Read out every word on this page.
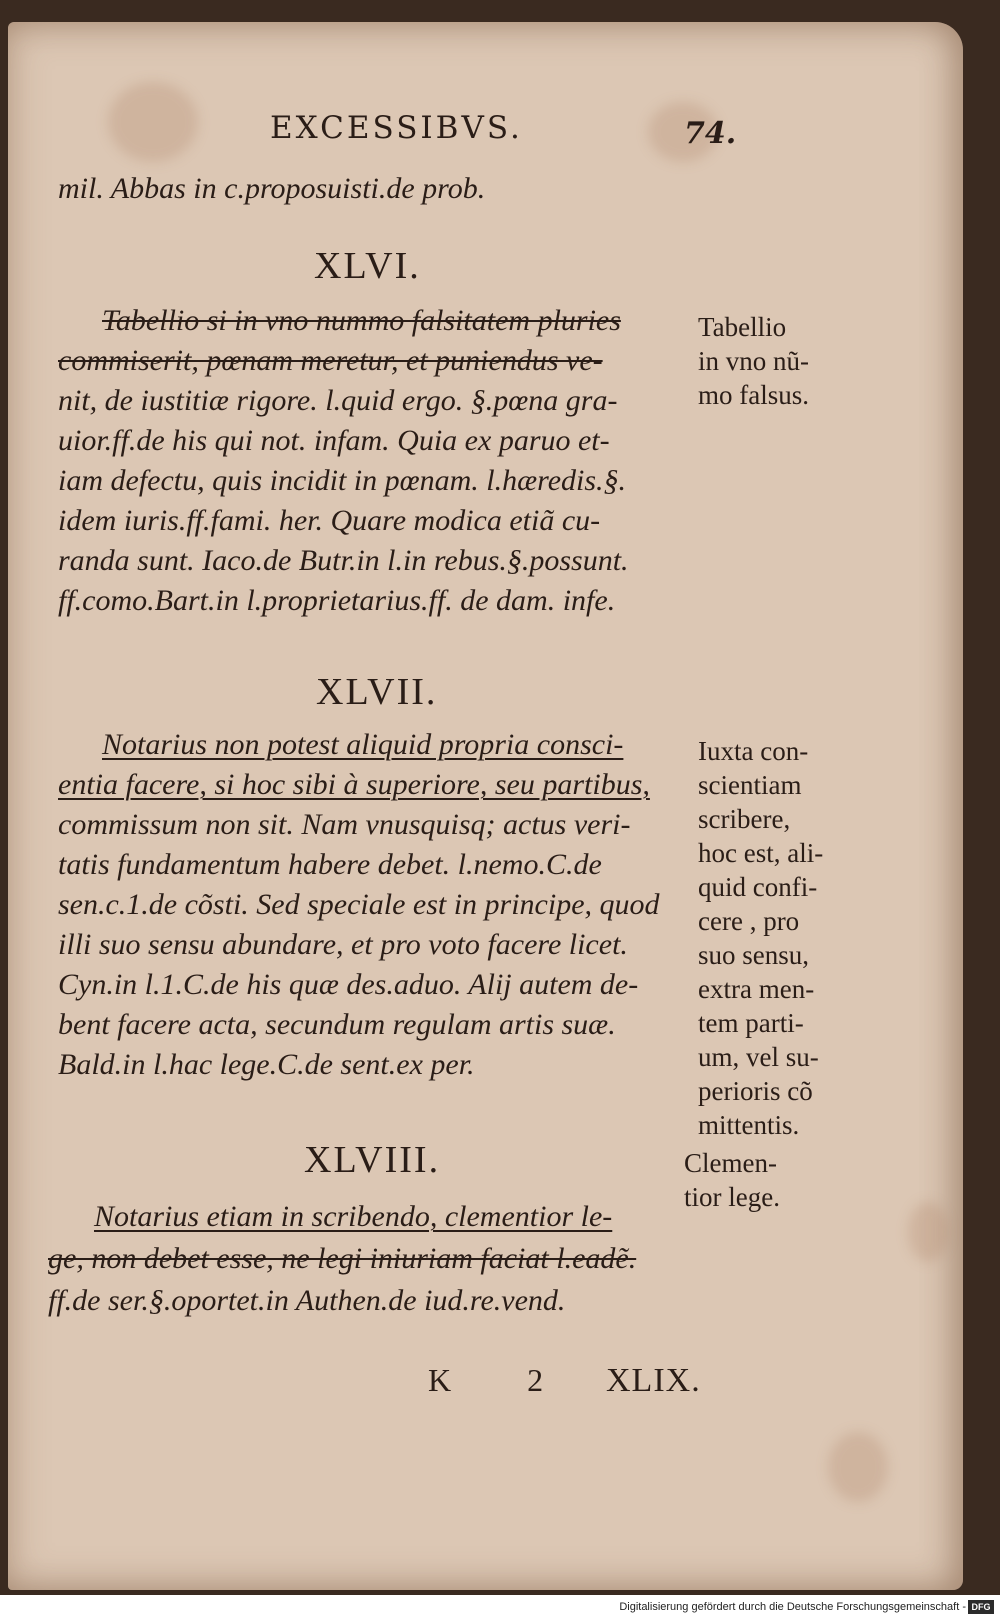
EXCESSIBVS.	74.
mil. Abbas in c.proposuisti.de prob.
XLVI.
Tabellio si in vno nummo falsitatem pluries
commiserit, pœnam meretur, et puniendus ve-
nit, de iustitiæ rigore. l.quid ergo. §.pœna gra-
uior.ff.de his qui not. infam. Quia ex paruo et-
iam defectu, quis incidit in pœnam. l.hæredis.§.
idem iuris.ff.fami. her. Quare modica etiã cu-
randa sunt. Iaco.de Butr.in l.in rebus.§.possunt.
ff.como.Bart.in l.proprietarius.ff. de dam. infe.
Tabellio
in vno nũ-
mo falsus.
XLVII.
Notarius non potest aliquid propria consci-
entia facere, si hoc sibi à superiore, seu partibus,
commissum non sit. Nam vnusquisq; actus veri-
tatis fundamentum habere debet. l.nemo.C.de
sen.c.1.de cõsti. Sed speciale est in principe, quod
illi suo sensu abundare, et pro voto facere licet.
Cyn.in l.1.C.de his quæ des.aduo. Alij autem de-
bent facere acta, secundum regulam artis suæ.
Bald.in l.hac lege.C.de sent.ex per.
Iuxta con-
scientiam
scribere,
hoc est, ali-
quid confi-
cere , pro
suo sensu,
extra men-
tem parti-
um, vel su-
perioris cõ
mittentis.
XLVIII.
Notarius etiam in scribendo, clementior le-
ge, non debet esse, ne legi iniuriam faciat l.eadẽ.
ff.de ser.§.oportet.in Authen.de iud.re.vend.
Clemen-
tior lege.
K 2 XLIX.
Digitalisierung gefördert durch die Deutsche Forschungsgemeinschaft - DFG
